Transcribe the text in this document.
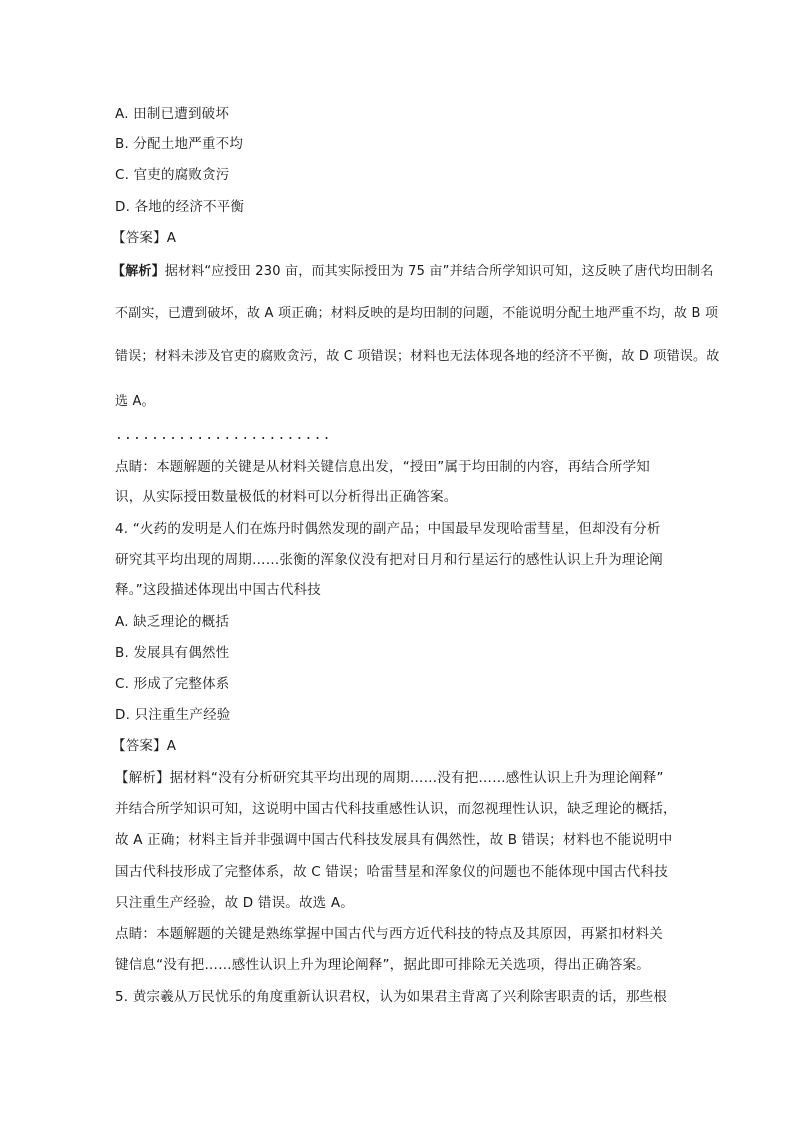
A. 田制已遭到破坏
B. 分配土地严重不均
C. 官吏的腐败贪污
D. 各地的经济不平衡
【答案】A
【解析】据材料“应授田 230 亩，而其实际授田为 75 亩”并结合所学知识可知，这反映了唐代均田制名
不副实，已遭到破坏，故 A 项正确；材料反映的是均田制的问题，不能说明分配土地严重不均，故 B 项
错误；材料未涉及官吏的腐败贪污，故 C 项错误；材料也无法体现各地的经济不平衡，故 D 项错误。故
选 A。
........................
点睛：本题解题的关键是从材料关键信息出发，“授田”属于均田制的内容，再结合所学知
识，从实际授田数量极低的材料可以分析得出正确答案。
4. “火药的发明是人们在炼丹时偶然发现的副产品；中国最早发现哈雷彗星，但却没有分析
研究其平均出现的周期……张衡的浑象仪没有把对日月和行星运行的感性认识上升为理论阐
释。”这段描述体现出中国古代科技
A. 缺乏理论的概括
B. 发展具有偶然性
C. 形成了完整体系
D. 只注重生产经验
【答案】A
【解析】据材料“没有分析研究其平均出现的周期……没有把……感性认识上升为理论阐释”
并结合所学知识可知，这说明中国古代科技重感性认识，而忽视理性认识，缺乏理论的概括，
故 A 正确；材料主旨并非强调中国古代科技发展具有偶然性，故 B 错误；材料也不能说明中
国古代科技形成了完整体系，故 C 错误；哈雷彗星和浑象仪的问题也不能体现中国古代科技
只注重生产经验，故 D 错误。故选 A。
点睛：本题解题的关键是熟练掌握中国古代与西方近代科技的特点及其原因，再紧扣材料关
键信息“没有把……感性认识上升为理论阐释”，据此即可排除无关选项，得出正确答案。
5. 黄宗羲从万民忧乐的角度重新认识君权，认为如果君主背离了兴利除害职责的话，那些根
